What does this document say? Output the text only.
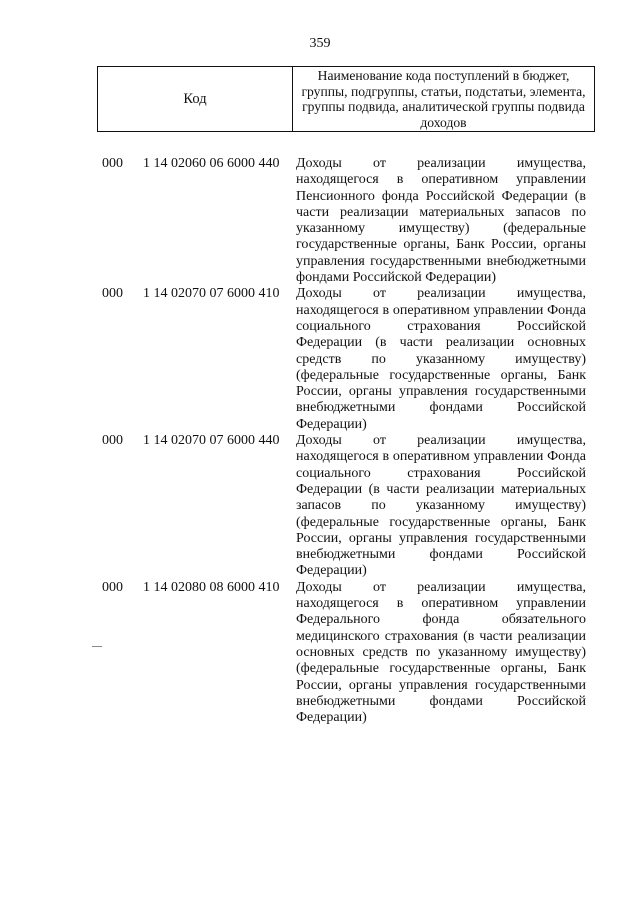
359
Код
Наименование кода поступлений в бюджет, группы, подгруппы, статьи, подстатьи, элемента, группы подвида, аналитической группы подвида доходов
000	1 14 02060 06 6000 440	Доходы от реализации имущества, находящегося в оперативном управлении Пенсионного фонда Российской Федерации (в части реализации материальных запасов по указанному имуществу) (федеральные государственные органы, Банк России, органы управления государственными внебюджетными фондами Российской Федерации)
000	1 14 02070 07 6000 410	Доходы от реализации имущества, находящегося в оперативном управлении Фонда социального страхования Российской Федерации (в части реализации основных средств по указанному имуществу) (федеральные государственные органы, Банк России, органы управления государственными внебюджетными фондами Российской Федерации)
000	1 14 02070 07 6000 440	Доходы от реализации имущества, находящегося в оперативном управлении Фонда социального страхования Российской Федерации (в части реализации материальных запасов по указанному имуществу) (федеральные государственные органы, Банк России, органы управления государственными внебюджетными фондами Российской Федерации)
000	1 14 02080 08 6000 410	Доходы от реализации имущества, находящегося в оперативном управлении Федерального фонда обязательного медицинского страхования (в части реализации основных средств по указанному имуществу) (федеральные государственные органы, Банк России, органы управления государственными внебюджетными фондами Российской Федерации)
